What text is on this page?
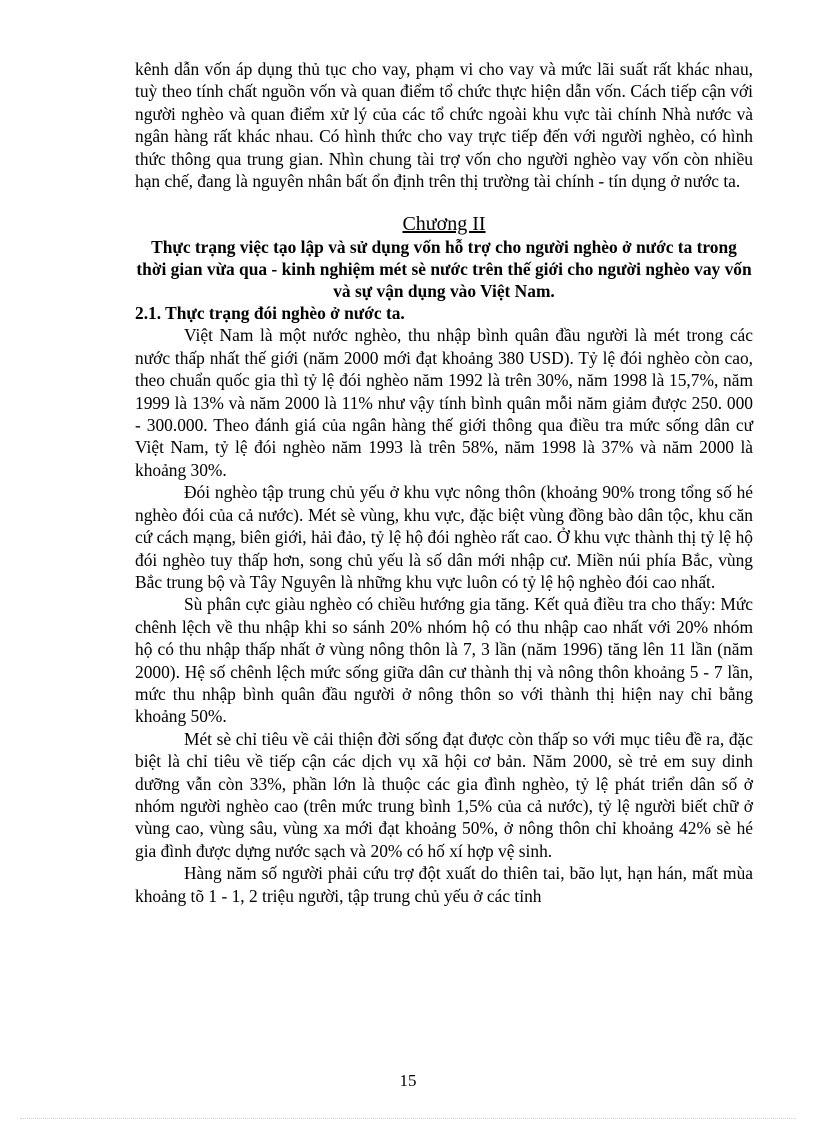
kênh dẫn vốn áp dụng thủ tục cho vay, phạm vi cho vay và mức lãi suất rất khác nhau, tuỳ theo tính chất nguồn vốn và quan điểm tổ chức thực hiện dẫn vốn. Cách tiếp cận với người nghèo và quan điểm xử lý của các tổ chức ngoài khu vực tài chính Nhà nước và ngân hàng rất khác nhau. Có hình thức cho vay trực tiếp đến với người nghèo, có hình thức thông qua trung gian. Nhìn chung tài trợ vốn cho người nghèo vay vốn còn nhiều hạn chế, đang là nguyên nhân bất ổn định trên thị trường tài chính - tín dụng ở nước ta.

Chương II
Thực trạng việc tạo lập và sử dụng vốn hỗ trợ cho người nghèo ở nước ta trong thời gian vừa qua - kinh nghiệm mét sè nước trên thế giới cho người nghèo vay vốn và sự vận dụng vào Việt Nam.
2.1. Thực trạng đói nghèo ở nước ta.

Việt Nam là một nước nghèo, thu nhập bình quân đầu người là mét trong các nước thấp nhất thế giới (năm 2000 mới đạt khoảng 380 USD). Tỷ lệ đói nghèo còn cao, theo chuẩn quốc gia thì tỷ lệ đói nghèo năm 1992 là trên 30%, năm 1998 là 15,7%, năm 1999 là 13% và năm 2000 là 11% như vậy tính bình quân mỗi năm giảm được 250. 000 - 300.000. Theo đánh giá của ngân hàng thế giới thông qua điều tra mức sống dân cư Việt Nam, tỷ lệ đói nghèo năm 1993 là trên 58%, năm 1998 là 37% và năm 2000 là khoảng 30%.

Đói nghèo tập trung chủ yếu ở khu vực nông thôn (khoảng 90% trong tổng số hé nghèo đói của cả nước). Mét sè vùng, khu vực, đặc biệt vùng đồng bào dân tộc, khu căn cứ cách mạng, biên giới, hải đảo, tỷ lệ hộ đói nghèo rất cao. Ở khu vực thành thị tỷ lệ hộ đói nghèo tuy thấp hơn, song chủ yếu là số dân mới nhập cư. Miền núi phía Bắc, vùng Bắc trung bộ và Tây Nguyên là những khu vực luôn có tỷ lệ hộ nghèo đói cao nhất.

Sù phân cực giàu nghèo có chiều hướng gia tăng. Kết quả điều tra cho thấy: Mức chênh lệch về thu nhập khi so sánh 20% nhóm hộ có thu nhập cao nhất với 20% nhóm hộ có thu nhập thấp nhất ở vùng nông thôn là 7, 3 lần (năm 1996) tăng lên 11 lần (năm 2000). Hệ số chênh lệch mức sống giữa dân cư thành thị và nông thôn khoảng 5 - 7 lần, mức thu nhập bình quân đầu người ở nông thôn so với thành thị hiện nay chỉ bằng khoảng 50%.

Mét sè chỉ tiêu về cải thiện đời sống đạt được còn thấp so với mục tiêu đề ra, đặc biệt là chỉ tiêu về tiếp cận các dịch vụ xã hội cơ bản. Năm 2000, sè trẻ em suy dinh dưỡng vẫn còn 33%, phần lớn là thuộc các gia đình nghèo, tỷ lệ phát triển dân số ở nhóm người nghèo cao (trên mức trung bình 1,5% của cả nước), tỷ lệ người biết chữ ở vùng cao, vùng sâu, vùng xa mới đạt khoảng 50%, ở nông thôn chỉ khoảng 42% sè hé gia đình được dựng nước sạch và 20% có hố xí hợp vệ sinh.

Hàng năm số người phải cứu trợ đột xuất do thiên tai, bão lụt, hạn hán, mất mùa khoảng tõ 1 - 1, 2 triệu người, tập trung chủ yếu ở các tỉnh

15
